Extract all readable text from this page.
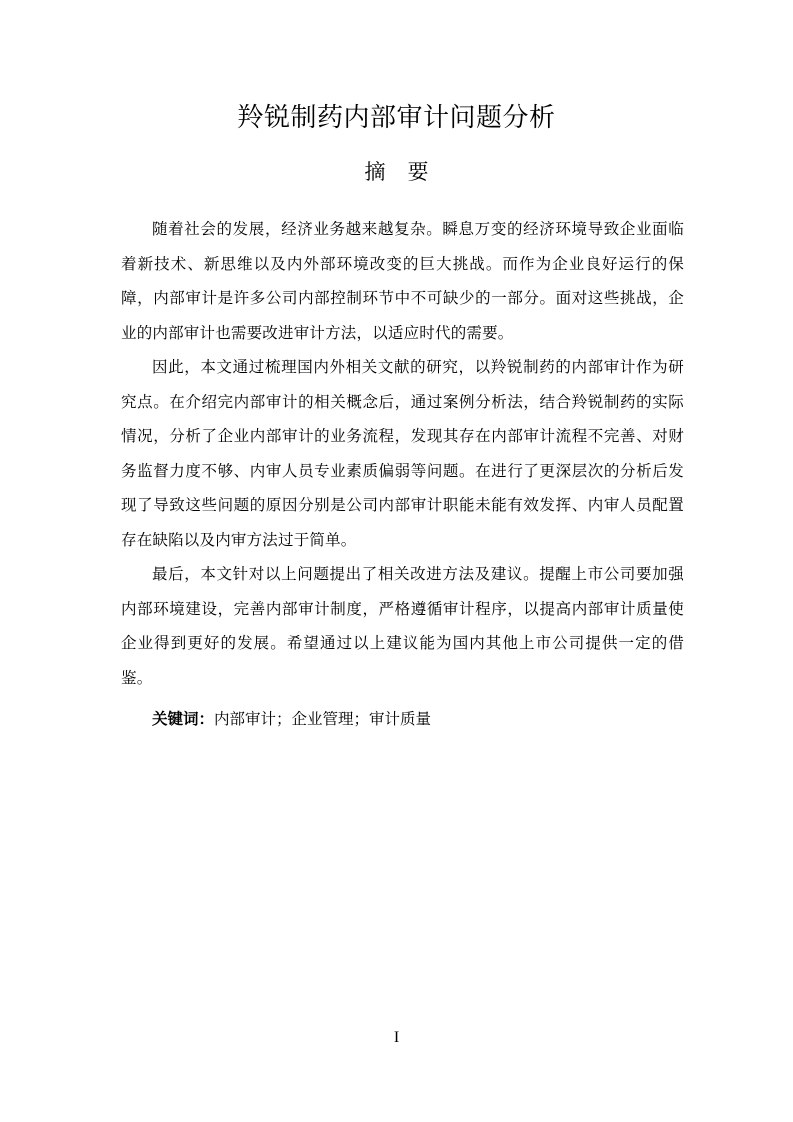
羚锐制药内部审计问题分析
摘要

随着社会的发展，经济业务越来越复杂。瞬息万变的经济环境导致企业面临着新技术、新思维以及内外部环境改变的巨大挑战。而作为企业良好运行的保障，内部审计是许多公司内部控制环节中不可缺少的一部分。面对这些挑战，企业的内部审计也需要改进审计方法，以适应时代的需要。

因此，本文通过梳理国内外相关文献的研究，以羚锐制药的内部审计作为研究点。在介绍完内部审计的相关概念后，通过案例分析法，结合羚锐制药的实际情况，分析了企业内部审计的业务流程，发现其存在内部审计流程不完善、对财务监督力度不够、内审人员专业素质偏弱等问题。在进行了更深层次的分析后发现了导致这些问题的原因分别是公司内部审计职能未能有效发挥、内审人员配置存在缺陷以及内审方法过于简单。

最后，本文针对以上问题提出了相关改进方法及建议。提醒上市公司要加强内部环境建设，完善内部审计制度，严格遵循审计程序，以提高内部审计质量使企业得到更好的发展。希望通过以上建议能为国内其他上市公司提供一定的借鉴。

关键词：内部审计；企业管理；审计质量
I
